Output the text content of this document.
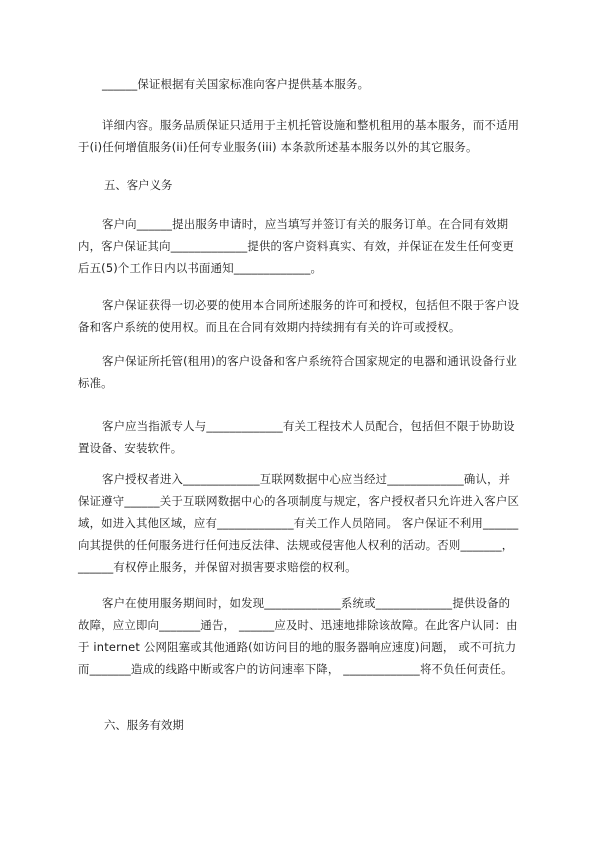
______保证根据有关国家标准向客户提供基本服务。

详细内容。服务品质保证只适用于主机托管设施和整机租用的基本服务，而不适用于(i)任何增值服务(ii)任何专业服务(iii) 本条款所述基本服务以外的其它服务。

五、客户义务

客户向______提出服务申请时，应当填写并签订有关的服务订单。在合同有效期内，客户保证其向_____________提供的客户资料真实、有效，并保证在发生任何变更后五(5)个工作日内以书面通知_____________。

客户保证获得一切必要的使用本合同所述服务的许可和授权，包括但不限于客户设备和客户系统的使用权。而且在合同有效期内持续拥有有关的许可或授权。

客户保证所托管(租用)的客户设备和客户系统符合国家规定的电器和通讯设备行业标准。

客户应当指派专人与_____________有关工程技术人员配合，包括但不限于协助设置设备、安装软件。

客户授权者进入_____________互联网数据中心应当经过_____________确认，并保证遵守______关于互联网数据中心的各项制度与规定，客户授权者只允许进入客户区域，如进入其他区域，应有_____________有关工作人员陪同。 客户保证不利用______向其提供的任何服务进行任何违反法律、法规或侵害他人权利的活动。否则_______，______有权停止服务，并保留对损害要求赔偿的权利。

客户在使用服务期间时，如发现_____________系统或_____________提供设备的故障，应立即向_______通告， ______应及时、迅速地排除该故障。在此客户认同：由于 internet 公网阻塞或其他通路(如访问目的地的服务器响应速度)问题， 或不可抗力而_______造成的线路中断或客户的访问速率下降， _____________将不负任何责任。

六、服务有效期
